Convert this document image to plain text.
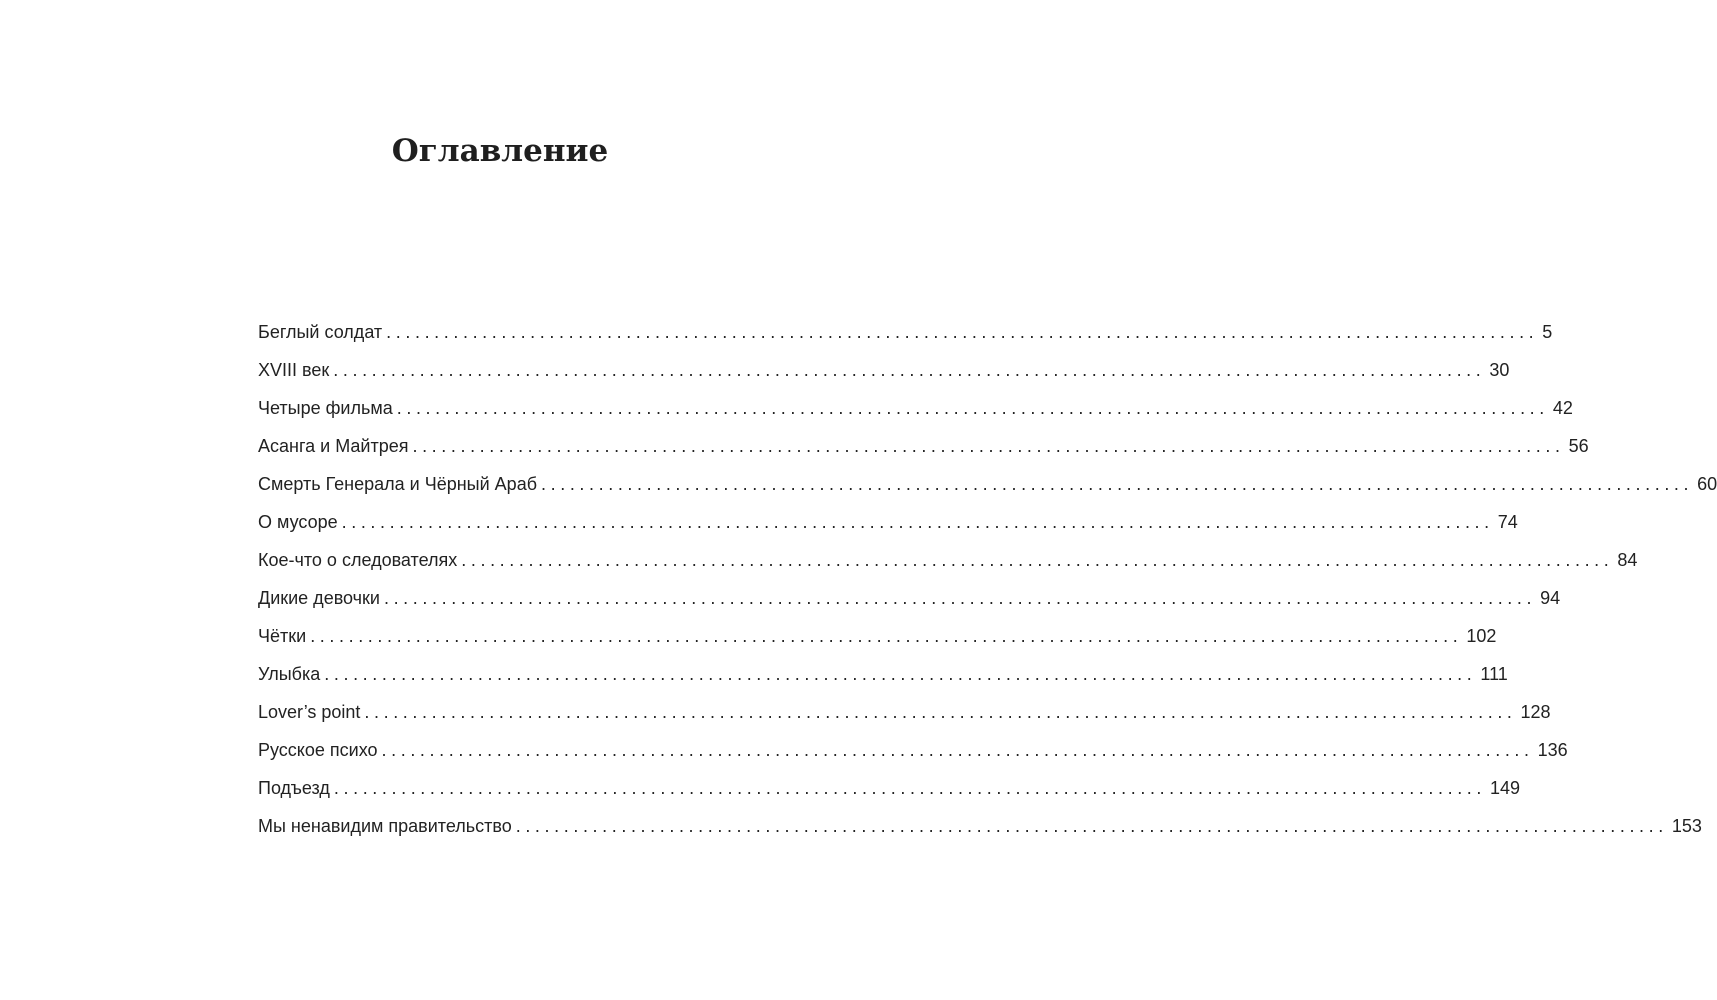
Оглавление
Беглый солдат ........................................................................................................................ 5
XVIII век ........................................................................................................................ 30
Четыре фильма ........................................................................................................................ 42
Асанга и Майтрея ........................................................................................................................ 56
Смерть Генерала и Чёрный Араб ........................................................................................................................ 60
О мусоре ........................................................................................................................ 74
Кое-что о следователях ........................................................................................................................ 84
Дикие девочки ........................................................................................................................ 94
Чётки ........................................................................................................................ 102
Улыбка ........................................................................................................................ 111
Lover’s point ........................................................................................................................ 128
Русское психо ........................................................................................................................ 136
Подъезд ........................................................................................................................ 149
Мы ненавидим правительство ........................................................................................................................ 153
